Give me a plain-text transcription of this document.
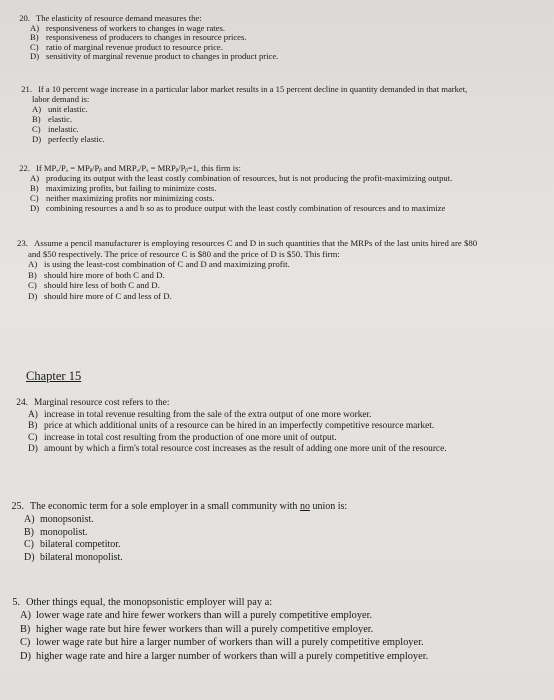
20. The elasticity of resource demand measures the:
A) responsiveness of workers to changes in wage rates.
B) responsiveness of producers to changes in resource prices.
C) ratio of marginal revenue product to resource price.
D) sensitivity of marginal revenue product to changes in product price.
21. If a 10 percent wage increase in a particular labor market results in a 15 percent decline in quantity demanded in that market,
labor demand is:
A) unit elastic.
B) elastic.
C) inelastic.
D) perfectly elastic.
22. If MPₐ/Pₐ = MPᵦ/Pᵦ and MRPₐ/Pₐ = MRPᵦ/Pᵦ=1, this firm is:
A) producing its output with the least costly combination of resources, but is not producing the profit-maximizing output.
B) maximizing profits, but failing to minimize costs.
C) neither maximizing profits nor minimizing costs.
D) combining resources a and b so as to produce output with the least costly combination of resources and to maximize
23. Assume a pencil manufacturer is employing resources C and D in such quantities that the MRPs of the last units hired are $80
and $50 respectively. The price of resource C is $80 and the price of D is $50. This firm:
A) is using the least-cost combination of C and D and maximizing profit.
B) should hire more of both C and D.
C) should hire less of both C and D.
D) should hire more of C and less of D.
Chapter 15
24. Marginal resource cost refers to the:
A) increase in total revenue resulting from the sale of the extra output of one more worker.
B) price at which additional units of a resource can be hired in an imperfectly competitive resource market.
C) increase in total cost resulting from the production of one more unit of output.
D) amount by which a firm's total resource cost increases as the result of adding one more unit of the resource.
25. The economic term for a sole employer in a small community with no union is:
A) monopsonist.
B) monopolist.
C) bilateral competitor.
D) bilateral monopolist.
5. Other things equal, the monopsonistic employer will pay a:
A) lower wage rate and hire fewer workers than will a purely competitive employer.
B) higher wage rate but hire fewer workers than will a purely competitive employer.
C) lower wage rate but hire a larger number of workers than will a purely competitive employer.
D) higher wage rate and hire a larger number of workers than will a purely competitive employer.
